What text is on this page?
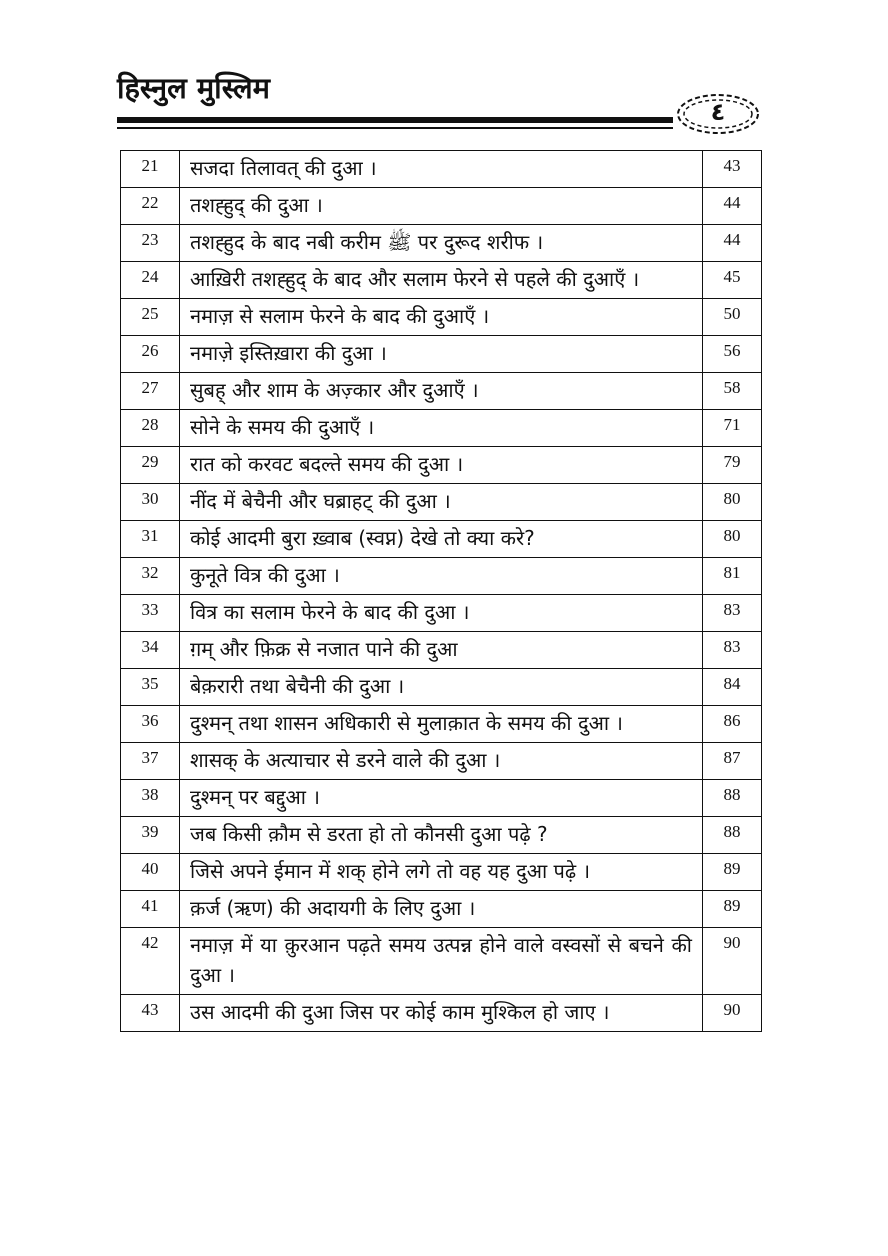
हिस्नुल मुस्लिम
٤
21	सजदा तिलावत् की दुआ ।	43
22	तशह्हुद् की दुआ ।	44
23	तशह्हुद के बाद नबी करीम ﷺ पर दुरूद शरीफ ।	44
24	आख़िरी तशह्हुद् के बाद और सलाम फेरने से पहले की दुआएँ ।	45
25	नमाज़ से सलाम फेरने के बाद की दुआएँ ।	50
26	नमाज़े इस्तिख़ारा की दुआ ।	56
27	सुबह् और शाम के अज़्कार और दुआएँ ।	58
28	सोने के समय की दुआएँ ।	71
29	रात को करवट बदल्ते समय की दुआ ।	79
30	नींद में बेचैनी और घब्राहट् की दुआ ।	80
31	कोई आदमी बुरा ख़्वाब (स्वप्न) देखे तो क्या करे?	80
32	कुनूते वित्र की दुआ ।	81
33	वित्र का सलाम फेरने के बाद की दुआ ।	83
34	ग़म् और फ़िक्र से नजात पाने की दुआ	83
35	बेक़रारी तथा बेचैनी की दुआ ।	84
36	दुश्मन् तथा शासन अधिकारी से मुलाक़ात के समय की दुआ ।	86
37	शासक् के अत्याचार से डरने वाले की दुआ ।	87
38	दुश्मन् पर बद्दुआ ।	88
39	जब किसी क़ौम से डरता हो तो कौनसी दुआ पढ़े ?	88
40	जिसे अपने ईमान में शक् होने लगे तो वह यह दुआ पढ़े ।	89
41	क़र्ज (ऋण) की अदायगी के लिए दुआ ।	89
42	नमाज़ में या क़ुरआन पढ़ते समय उत्पन्न होने वाले वस्वसों से बचने की दुआ ।	90
43	उस आदमी की दुआ जिस पर कोई काम मुश्किल हो जाए ।	90
